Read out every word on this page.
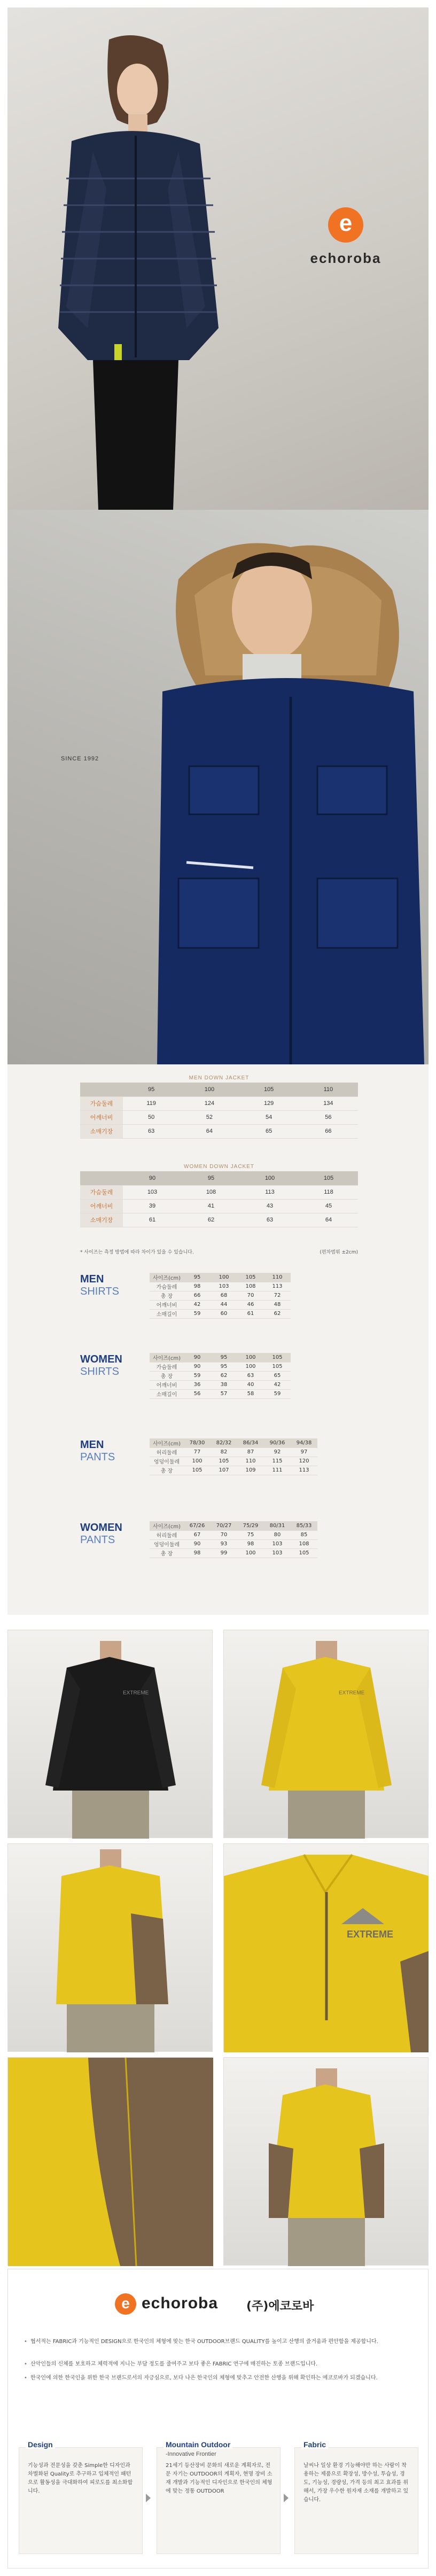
e
echoroba
SINCE 1992
MEN DOWN JACKET
	95	100	105	110
가슴둘레	119	124	129	134
어깨너비	50	52	54	56
소매기장	63	64	65	66
WOMEN DOWN JACKET
	90	95	100	105
가슴둘레	103	108	113	118
어깨너비	39	41	43	45
소매기장	61	62	63	64
* 사이즈는 측정 방법에 따라 차이가 있을 수 있습니다.	(편차범위 ±2cm)
MEN
SHIRTS
사이즈(cm)	95	100	105	110
가슴둘레	98	103	108	113
총 장	66	68	70	72
어깨너비	42	44	46	48
소매길이	59	60	61	62
WOMEN
SHIRTS
사이즈(cm)	90	95	100	105
가슴둘레	90	95	100	105
총 장	59	62	63	65
어깨너비	36	38	40	42
소매길이	56	57	58	59
MEN
PANTS
사이즈(cm)	78/30	82/32	86/34	90/36	94/38
허리둘레	77	82	87	92	97
엉덩이둘레	100	105	110	115	120
총 장	105	107	109	111	113
WOMEN
PANTS
사이즈(cm)	67/26	70/27	75/29	80/31	85/33
허리둘레	67	70	75	80	85
엉덩이둘레	90	93	98	103	108
총 장	98	99	100	103	105
EXTREME	EXTREME
EXTREME
e echoroba (주)에코로바
• 협서적는 FABRIC과 기능적인 DESIGN으로 한국인의 체형에 맞는 한국 OUTDOOR브랜드 QUALITY를 높이고 산행의 즐거움과 편안함을 제공합니다.
• 산악인들의 신체를 보호하고 체력적에 지니는 부담 정도를 줄여주고 보다 좋은 FABRIC 연구에 매진하는 토종 브랜드입니다.
• 한국인에 의한 한국인을 위한 한국 브랜드로서의 자긍심으로, 보다 나은 한국인의 체형에 맞추고 안전한 산행을 위해 확인하는 에코로바가 되겠습니다.
Design
기능성과 전문성을 갖춘 Simple한 디자인과 차별화된 Quality로 추구하고 입체적인 패턴으로 활동성을 극대화하여 피로도를 최소화합니다.
Mountain Outdoor
-Innovative Frontier
21세기 등산장비 문화의 새로운 계획자로, 전문 자기는 OUTDOOR의 계획자, 현명 장비 소재 개발과 기능적인 디자인으로 한국인의 체형에 맞는 정통 OUTDOOR
Fabric
날씨나 일상 환경 기능해야만 하는 사람이 착용하는 제품으로 확장성, 방수성, 투습성, 경도, 기능성, 경량성, 가격 등의 최고 효과를 위해서, 가장 우수한 원자재 소재를 개발하고 있습니다.
